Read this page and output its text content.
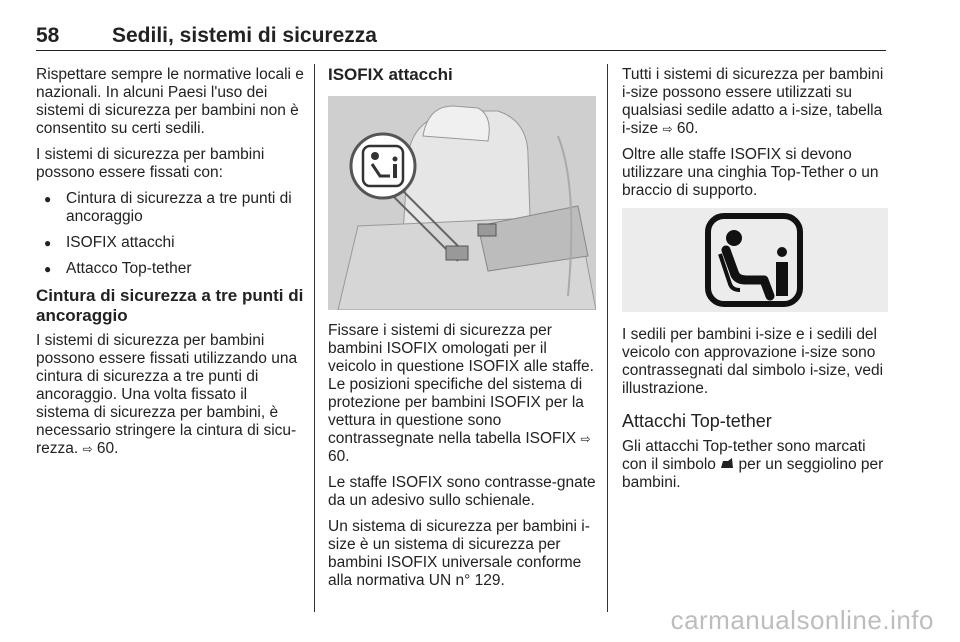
58	Sedili, sistemi di sicurezza

Rispettare sempre le normative locali e nazionali. In alcuni Paesi l'uso dei sistemi di sicurezza per bambini non è consentito su certi sedili.

I sistemi di sicurezza per bambini possono essere fissati con:

● Cintura di sicurezza a tre punti di ancoraggio
● ISOFIX attacchi
● Attacco Top-tether
Cintura di sicurezza a tre punti di ancoraggio

I sistemi di sicurezza per bambini possono essere fissati utilizzando una cintura di sicurezza a tre punti di ancoraggio. Una volta fissato il sistema di sicurezza per bambini, è necessario stringere la cintura di sicu-rezza. ⇨ 60.

ISOFIX attacchi

Fissare i sistemi di sicurezza per bambini ISOFIX omologati per il veicolo in questione ISOFIX alle staffe. Le posizioni specifiche del sistema di protezione per bambini ISOFIX per la vettura in questione sono contrassegnate nella tabella ISOFIX ⇨ 60.

Le staffe ISOFIX sono contrasse-gnate da un adesivo sullo schienale.

Un sistema di sicurezza per bambini i-size è un sistema di sicurezza per bambini ISOFIX universale conforme alla normativa UN n° 129.

Tutti i sistemi di sicurezza per bambini i-size possono essere utilizzati su qualsiasi sedile adatto a i-size, tabella i-size ⇨ 60.

Oltre alle staffe ISOFIX si devono utilizzare una cinghia Top-Tether o un braccio di supporto.

I sedili per bambini i-size e i sedili del veicolo con approvazione i-size sono contrassegnati dal simbolo i-size, vedi illustrazione.

Attacchi Top-tether

Gli attacchi Top-tether sono marcati con il simbolo per un seggiolino per bambini.

carmanualsonline.info
